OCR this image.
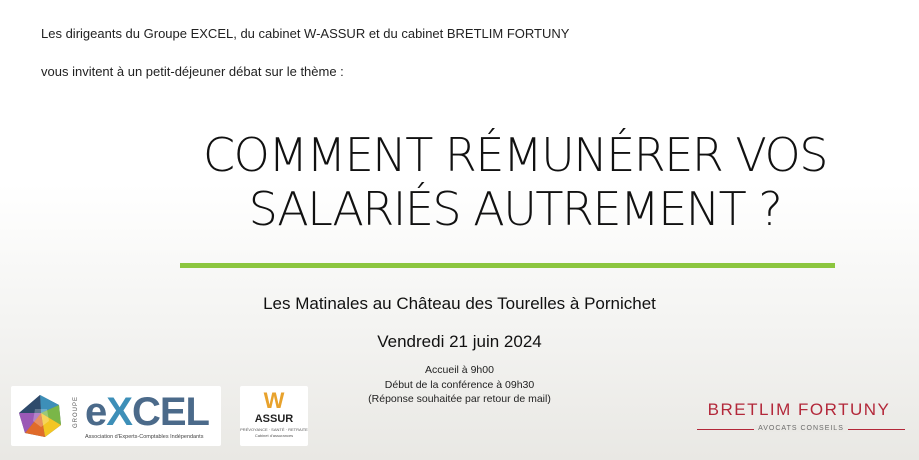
Les dirigeants du Groupe EXCEL, du cabinet W-ASSUR et du cabinet BRETLIM FORTUNY
vous invitent à un petit-déjeuner débat sur le thème :
COMMENT RÉMUNÉRER VOS
SALARIÉS AUTREMENT ?
Les Matinales au Château des Tourelles à Pornichet
Vendredi 21 juin 2024
Accueil à 9h00
Début de la conférence à 09h30
(Réponse souhaitée par retour de mail)
GROUPE eXCEL
Association d'Experts-Comptables Indépendants
W
ASSUR
PRÉVOYANCE · SANTÉ · RETRAITE
Cabinet d'assurances
BRETLIM FORTUNY
AVOCATS CONSEILS
